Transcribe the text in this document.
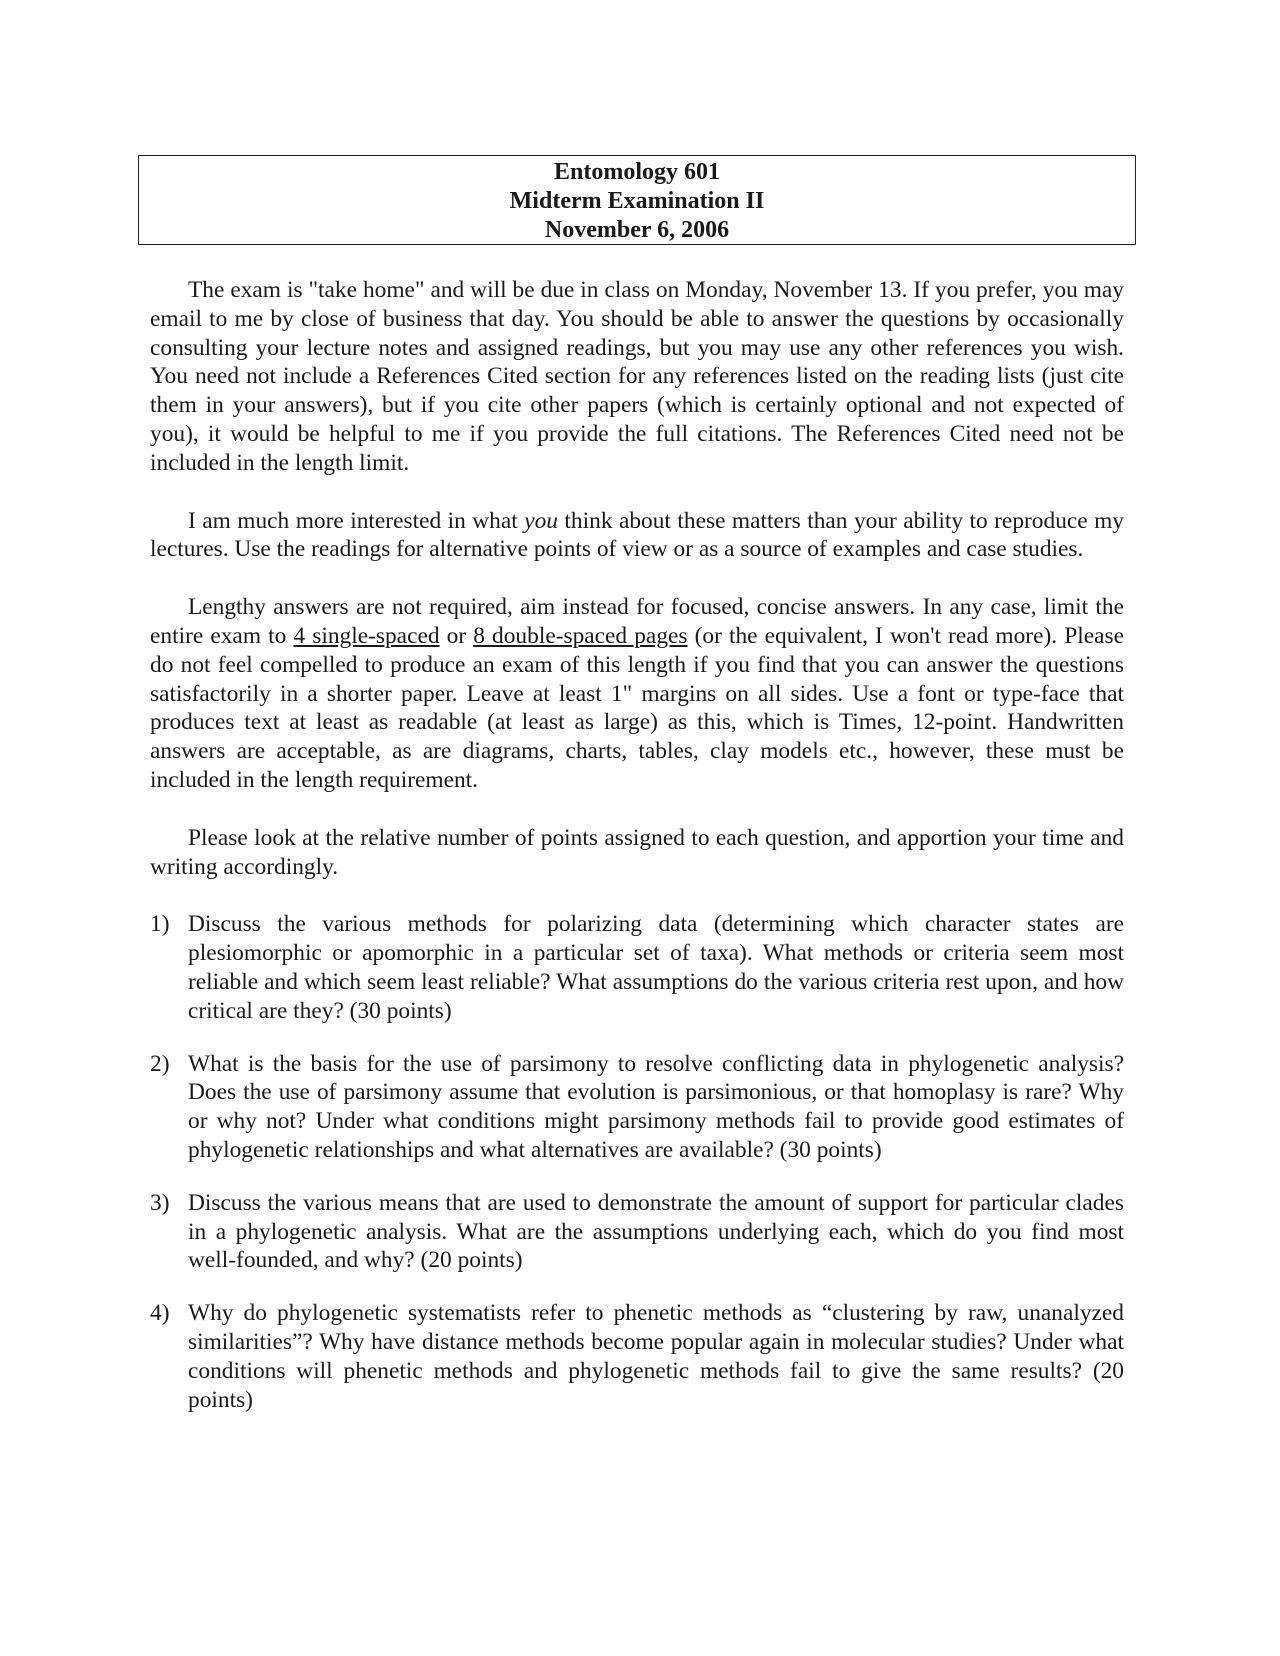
Entomology 601
Midterm Examination II
November 6, 2006

The exam is "take home" and will be due in class on Monday, November 13. If you prefer, you may email to me by close of business that day. You should be able to answer the questions by occasionally consulting your lecture notes and assigned readings, but you may use any other references you wish. You need not include a References Cited section for any references listed on the reading lists (just cite them in your answers), but if you cite other papers (which is certainly optional and not expected of you), it would be helpful to me if you provide the full citations. The References Cited need not be included in the length limit.

I am much more interested in what you think about these matters than your ability to reproduce my lectures. Use the readings for alternative points of view or as a source of examples and case studies.

Lengthy answers are not required, aim instead for focused, concise answers. In any case, limit the entire exam to 4 single-spaced or 8 double-spaced pages (or the equivalent, I won't read more). Please do not feel compelled to produce an exam of this length if you find that you can answer the questions satisfactorily in a shorter paper. Leave at least 1" margins on all sides. Use a font or type-face that produces text at least as readable (at least as large) as this, which is Times, 12-point. Handwritten answers are acceptable, as are diagrams, charts, tables, clay models etc., however, these must be included in the length requirement.

Please look at the relative number of points assigned to each question, and apportion your time and writing accordingly.

1) Discuss the various methods for polarizing data (determining which character states are plesiomorphic or apomorphic in a particular set of taxa). What methods or criteria seem most reliable and which seem least reliable? What assumptions do the various criteria rest upon, and how critical are they? (30 points)
2) What is the basis for the use of parsimony to resolve conflicting data in phylogenetic analysis? Does the use of parsimony assume that evolution is parsimonious, or that homoplasy is rare? Why or why not? Under what conditions might parsimony methods fail to provide good estimates of phylogenetic relationships and what alternatives are available? (30 points)
3) Discuss the various means that are used to demonstrate the amount of support for particular clades in a phylogenetic analysis. What are the assumptions underlying each, which do you find most well-founded, and why? (20 points)
4) Why do phylogenetic systematists refer to phenetic methods as “clustering by raw, unanalyzed similarities”? Why have distance methods become popular again in molecular studies? Under what conditions will phenetic methods and phylogenetic methods fail to give the same results? (20 points)
